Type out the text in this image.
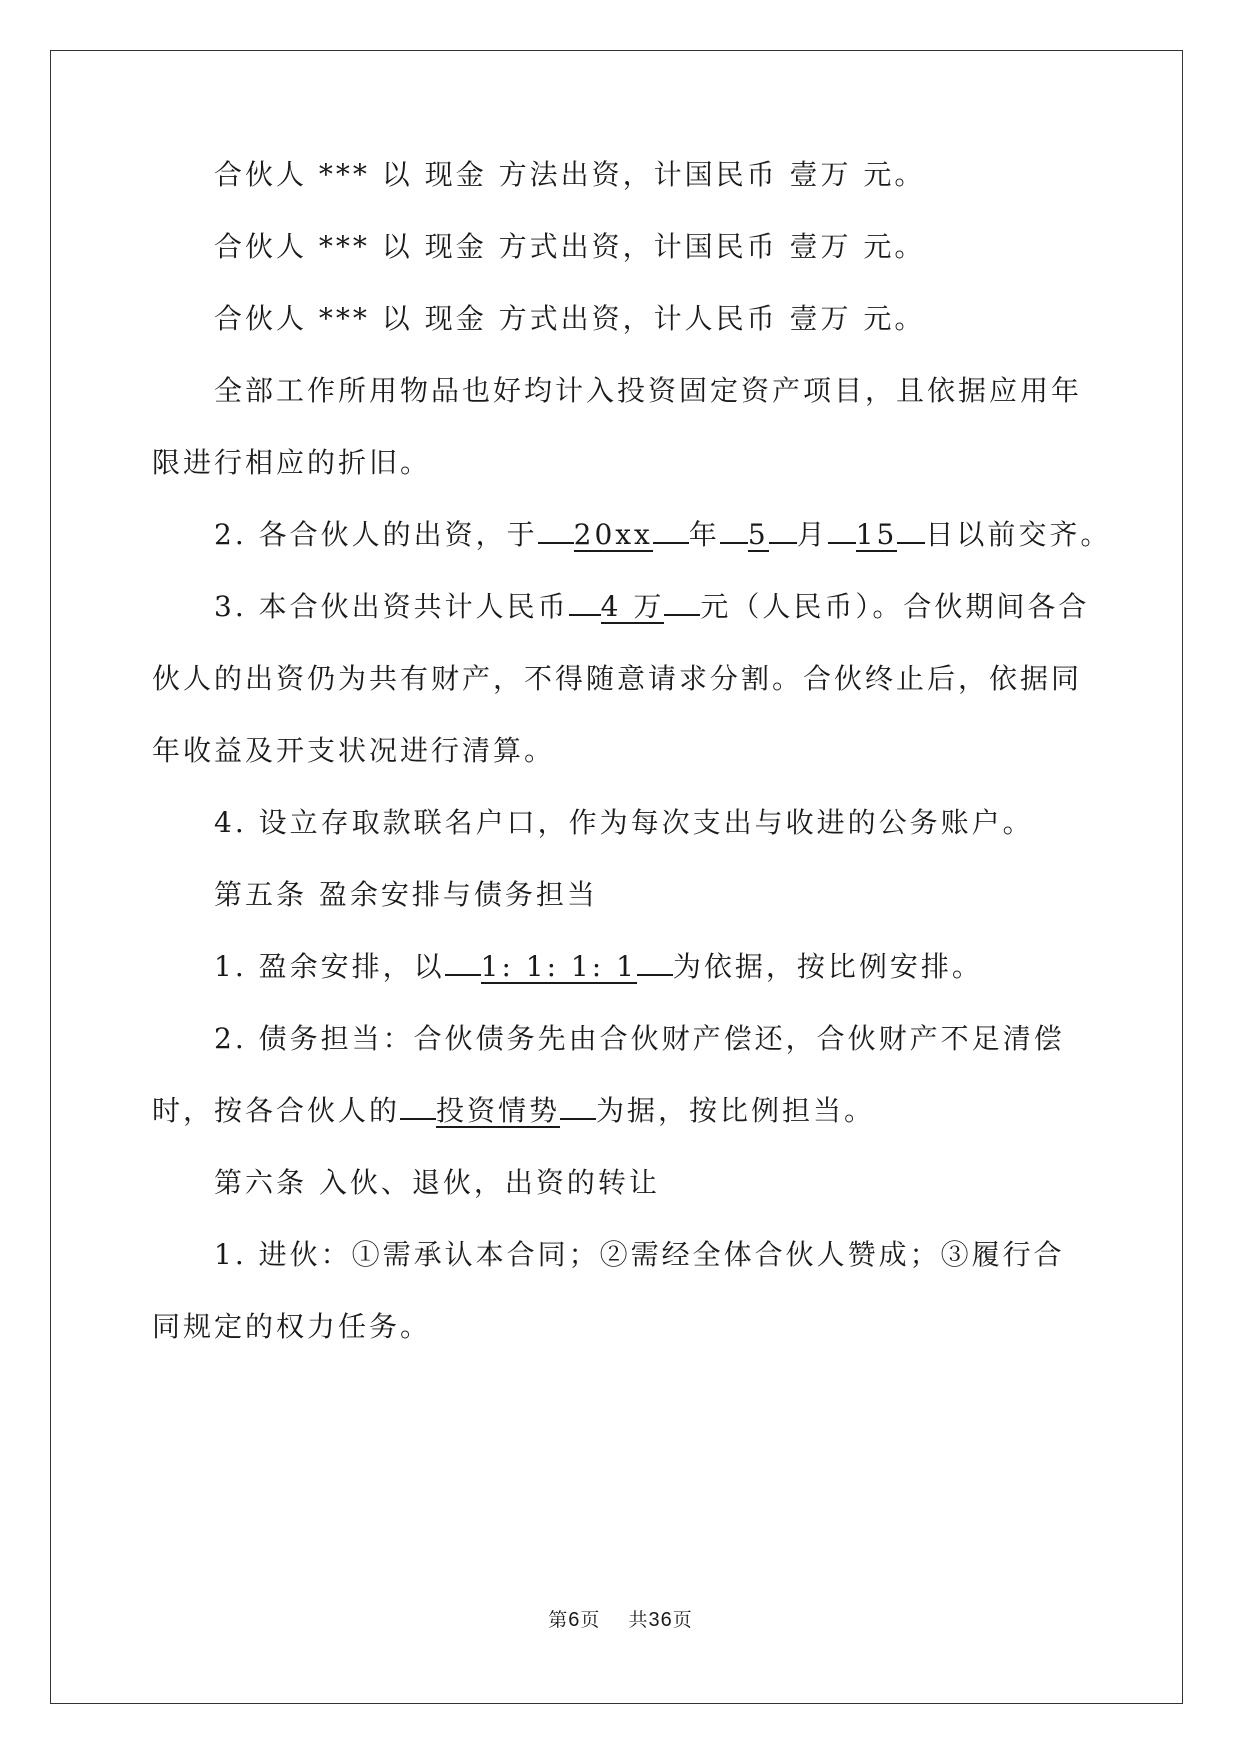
合伙人 *** 以 现金 方法出资，计国民币 壹万 元。
合伙人 *** 以 现金 方式出资，计国民币 壹万 元。
合伙人 *** 以 现金 方式出资，计人民币 壹万 元。
全部工作所用物品也好均计入投资固定资产项目，且依据应用年
限进行相应的折旧。
2. 各合伙人的出资，于 20xx 年 5 月 15 日以前交齐。
3. 本合伙出资共计人民币 4 万 元（人民币）。合伙期间各合
伙人的出资仍为共有财产，不得随意请求分割。合伙终止后，依据同
年收益及开支状况进行清算。
4. 设立存取款联名户口，作为每次支出与收进的公务账户。
第五条 盈余安排与债务担当
1. 盈余安排，以 1: 1: 1: 1 为依据，按比例安排。
2. 债务担当：合伙债务先由合伙财产偿还，合伙财产不足清偿
时，按各合伙人的 投资情势 为据，按比例担当。
第六条 入伙、退伙，出资的转让
1. 进伙：①需承认本合同；②需经全体合伙人赞成；③履行合
同规定的权力任务。
第6页    共36页
